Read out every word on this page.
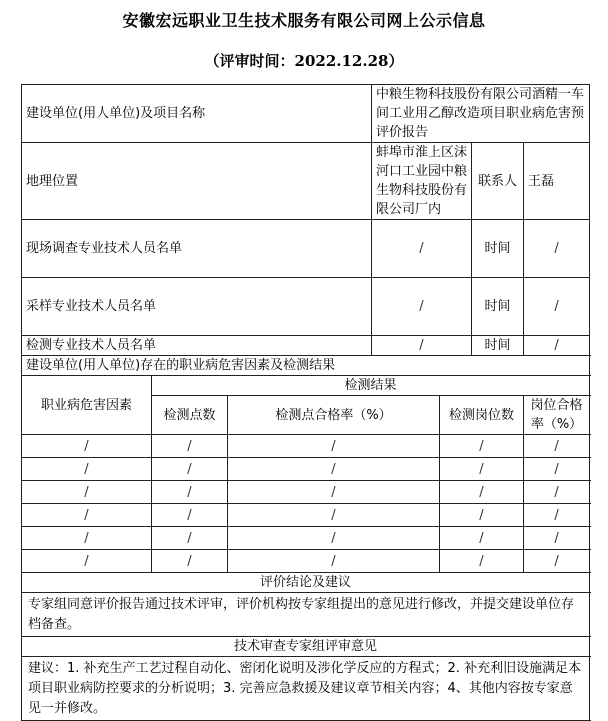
安徽宏远职业卫生技术服务有限公司网上公示信息
（评审时间：2022.12.28）
建设单位(用人单位)及项目名称			中粮生物科技股份有限公司酒精一车间工业用乙醇改造项目职业病危害预评价报告				
地理位置			蚌埠市淮上区沫河口工业园中粮生物科技股份有限公司厂内		联系人	王磊	
现场调查专业技术人员名单			/		时间	/		
采样专业技术人员名单			/		时间	/		
检测专业技术人员名单			/		时间	/	
建设单位(用人单位)存在的职业病危害因素及检测结果							
职业病危害因素	检测结果						
	检测点数	检测点合格率（%）		检测岗位数		岗位合格率（%）	
/	/	/		/		/	
/	/	/		/		/	
/	/	/		/		/	
/	/	/		/		/	
/	/	/		/		/	
/	/	/		/		/	
评价结论及建议							
专家组同意评价报告通过技术评审，评价机构按专家组提出的意见进行修改，并提交建设单位存档备查。							
技术审查专家组评审意见							
建议：1. 补充生产工艺过程自动化、密闭化说明及涉化学反应的方程式；2. 补充利旧设施满足本项目职业病防控要求的分析说明；3. 完善应急救援及建议章节相关内容；4、其他内容按专家意见一并修改。							
